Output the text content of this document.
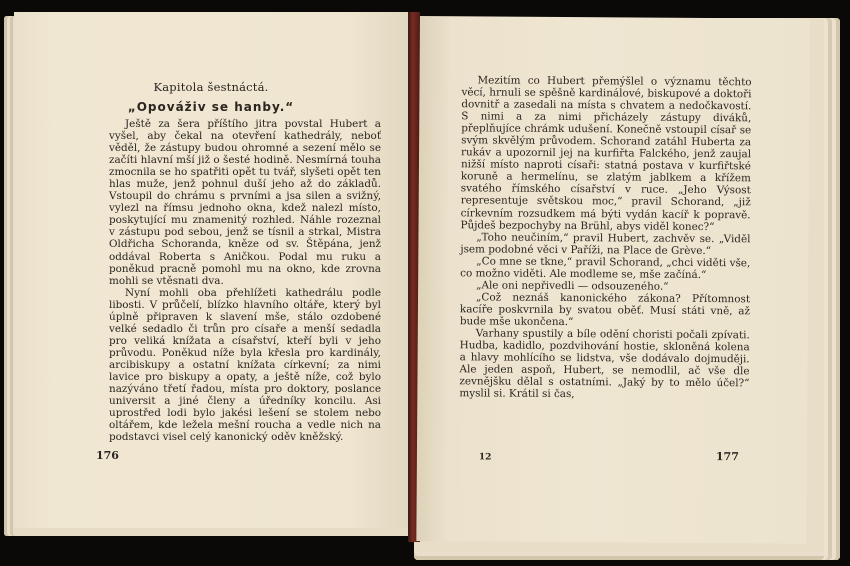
Kapitola šestnáctá.
„Opováživ se hanby.“

Ještě za šera příštího jitra povstal Hubert a vyšel, aby čekal na otevření kathedrály, neboť věděl, že zástupy budou ohromné a sezení mělo se začíti hlavní mší již o šesté hodině. Nesmírná touha zmocnila se ho spatřiti opět tu tvář, slyšeti opět ten hlas muže, jenž pohnul duší jeho až do základů. Vstoupil do chrámu s prvními a jsa silen a svižný, vylezl na římsu jednoho okna, kdež nalezl místo, poskytující mu znamenitý rozhled. Náhle rozeznal v zástupu pod sebou, jenž se tísnil a strkal, Mistra Oldřicha Schoranda, kněze od sv. Štěpána, jenž oddával Roberta s Aničkou. Podal mu ruku a poněkud pracně pomohl mu na okno, kde zrovna mohli se vtěsnati dva.

Nyní mohli oba přehlížeti kathedrálu podle libosti. V průčelí, blízko hlavního oltáře, který byl úplně připraven k slavení mše, stálo ozdobené velké sedadlo či trůn pro císaře a menší sedadla pro veliká knížata a císařství, kteří byli v jeho průvodu. Poněkud níže byla křesla pro kardinály, arcibiskupy a ostatní knížata církevní; za nimi lavice pro biskupy a opaty, a ještě níže, což bylo nazýváno třetí řadou, místa pro doktory, poslance universit a jiné členy a úředníky koncilu. Asi uprostřed lodi bylo jakési lešení se stolem nebo oltářem, kde ležela mešní roucha a vedle nich na podstavci visel celý kanonický oděv kněžský.

176

Mezitím co Hubert přemýšlel o významu těchto věcí, hrnuli se spěšně kardinálové, biskupové a doktoři dovnitř a zasedali na místa s chvatem a nedočkavostí. S nimi a za nimi přicházely zástupy diváků, přeplňujíce chrámk udušení. Konečně vstoupil císař se svým skvělým průvodem. Schorand zatáhl Huberta za rukáv a upozornil jej na kurfiřta Falckého, jenž zaujal nižší místo naproti císaři: statná postava v kurfiřtské koruně a hermelínu, se zlatým jablkem a křížem svatého římského císařství v ruce. „Jeho Výsost representuje světskou moc,“ pravil Schorand, „již církevním rozsudkem má býti vydán kacíř k popravě. Půjdeš bezpochyby na Brühl, abys viděl konec?“

„Toho neučiním,“ pravil Hubert, zachvěv se. „Viděl jsem podobné věci v Paříži, na Place de Grève.“

„Co mne se tkne,“ pravil Schorand, „chci viděti vše, co možno viděti. Ale modleme se, mše začíná.“

„Ale oni nepřivedli — odsouzeného.“

„Což neznáš kanonického zákona? Přítomnost kacíře poskvrnila by svatou oběť. Musí státi vně, až bude mše ukončena.“

Varhany spustily a bíle odění choristi počali zpívati. Hudba, kadidlo, pozdvihování hostie, skloněná kolena a hlavy mohlícího se lidstva, vše dodávalo dojmuději. Ale jeden aspoň, Hubert, se nemodlil, ač vše dle zevnějšku dělal s ostatními. „Jaký by to mělo účel?“ myslil si. Krátil si čas,

12	177
